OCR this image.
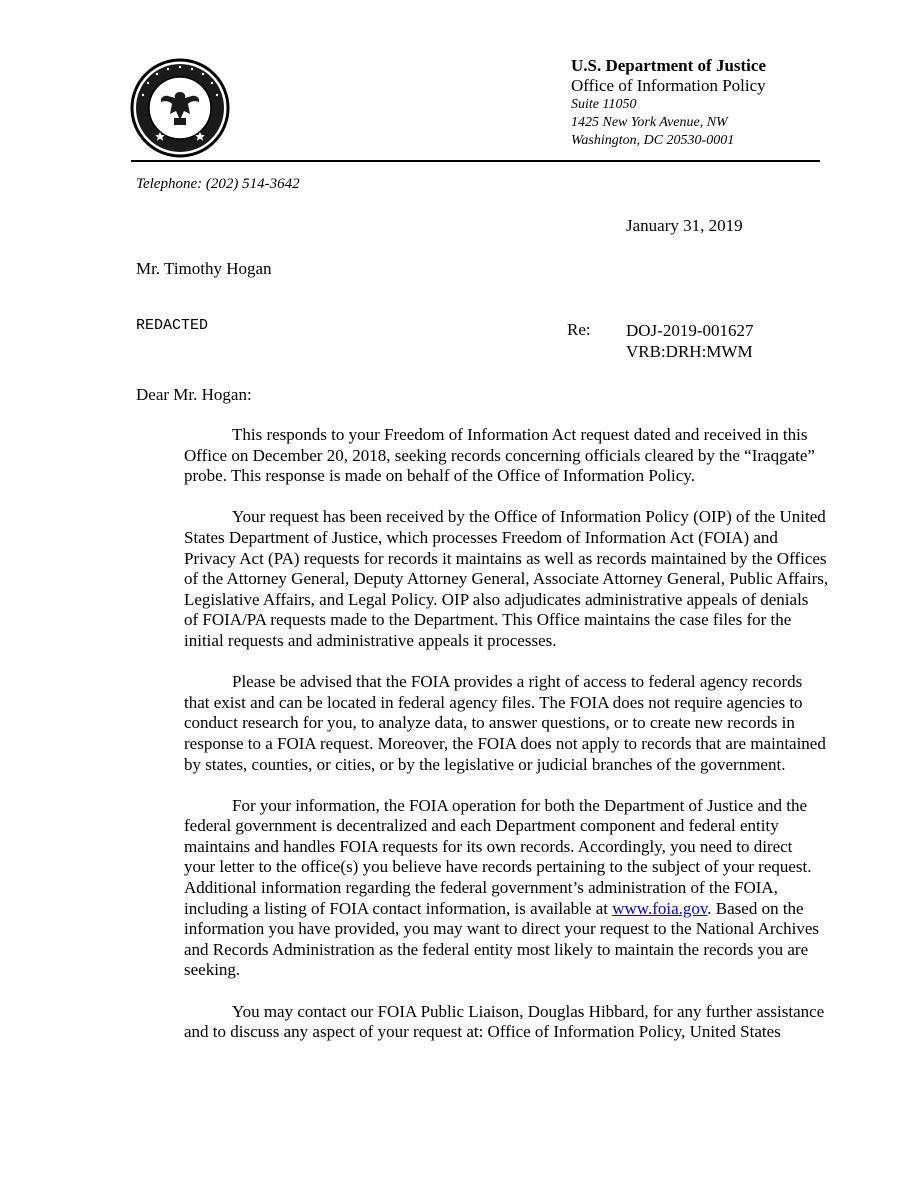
U.S. Department of Justice
Office of Information Policy
Suite 11050
1425 New York Avenue, NW
Washington, DC 20530-0001
Telephone: (202) 514-3642
January 31, 2019
Mr. Timothy Hogan
REDACTED	Re: DOJ-2019-001627
VRB:DRH:MWM
Dear Mr. Hogan:
This responds to your Freedom of Information Act request dated and received in this
Office on December 20, 2018, seeking records concerning officials cleared by the “Iraqgate”
probe. This response is made on behalf of the Office of Information Policy.
Your request has been received by the Office of Information Policy (OIP) of the United
States Department of Justice, which processes Freedom of Information Act (FOIA) and
Privacy Act (PA) requests for records it maintains as well as records maintained by the Offices
of the Attorney General, Deputy Attorney General, Associate Attorney General, Public Affairs,
Legislative Affairs, and Legal Policy. OIP also adjudicates administrative appeals of denials
of FOIA/PA requests made to the Department. This Office maintains the case files for the
initial requests and administrative appeals it processes.
Please be advised that the FOIA provides a right of access to federal agency records
that exist and can be located in federal agency files. The FOIA does not require agencies to
conduct research for you, to analyze data, to answer questions, or to create new records in
response to a FOIA request. Moreover, the FOIA does not apply to records that are maintained
by states, counties, or cities, or by the legislative or judicial branches of the government.
For your information, the FOIA operation for both the Department of Justice and the
federal government is decentralized and each Department component and federal entity
maintains and handles FOIA requests for its own records. Accordingly, you need to direct
your letter to the office(s) you believe have records pertaining to the subject of your request.
Additional information regarding the federal government’s administration of the FOIA,
including a listing of FOIA contact information, is available at www.foia.gov. Based on the
information you have provided, you may want to direct your request to the National Archives
and Records Administration as the federal entity most likely to maintain the records you are
seeking.
You may contact our FOIA Public Liaison, Douglas Hibbard, for any further assistance
and to discuss any aspect of your request at: Office of Information Policy, United States
